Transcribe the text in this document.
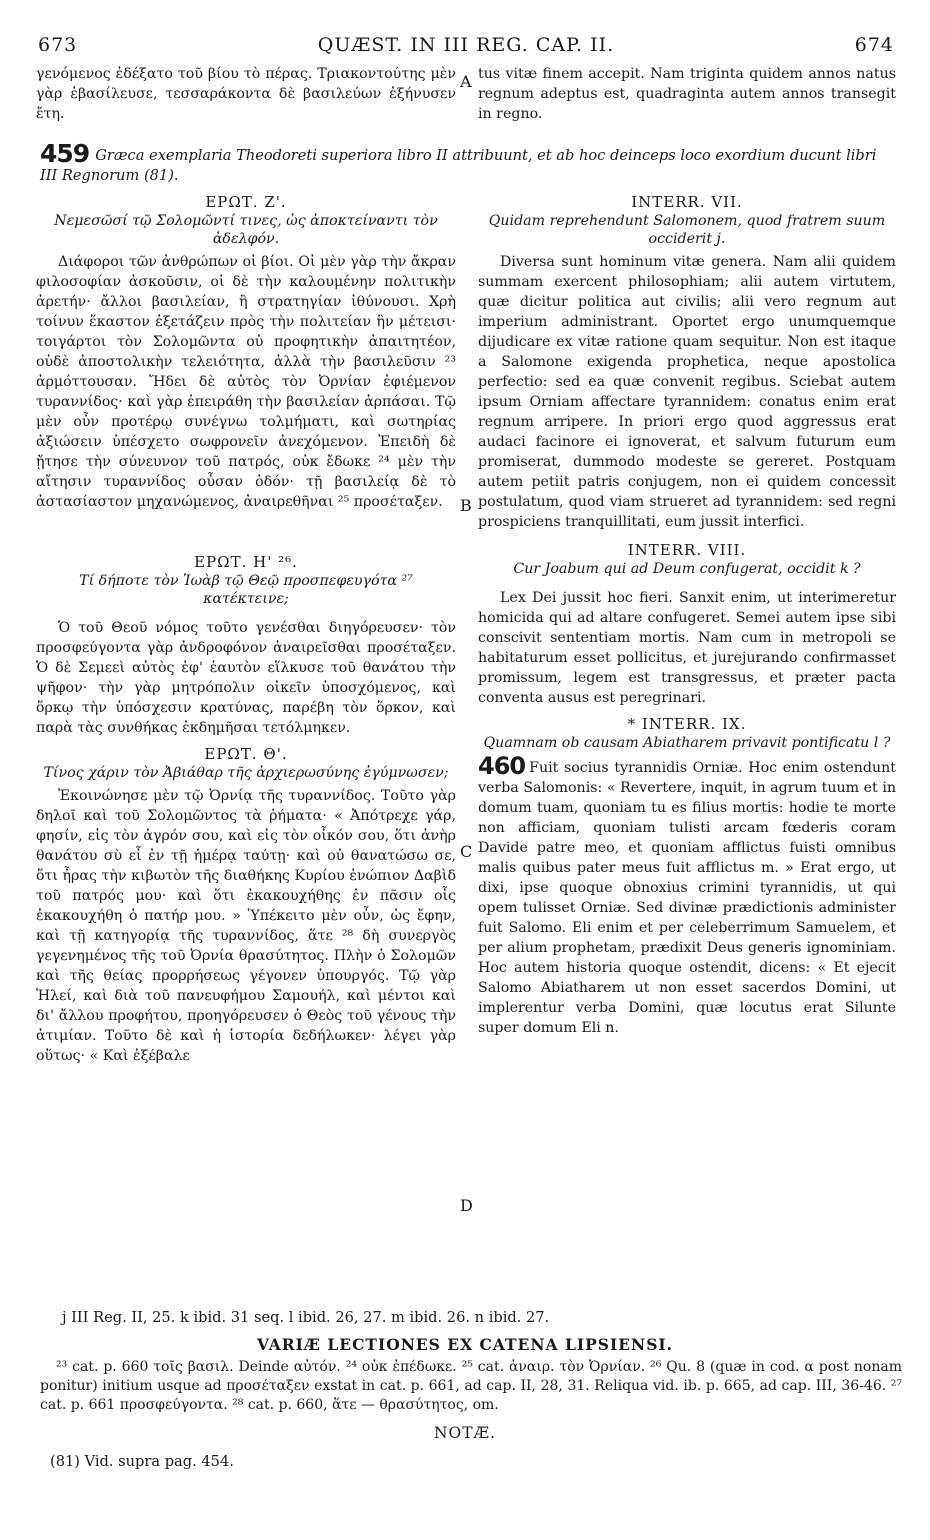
673	QUÆST. IN III REG. CAP. II.	674

γενόμενος ἐδέξατο τοῦ βίου τὸ πέρας. Τριακοντούτης μὲν γὰρ ἐβασίλευσε, τεσσαράκοντα δὲ βασιλεύων ἐξήνυσεν ἔτη.

A tus vitæ finem accepit. Nam triginta quidem annos natus regnum adeptus est, quadraginta autem annos transegit in regno.

459 Græca exemplaria Theodoreti superiora libro II attribuunt, et ab hoc deinceps loco exordium ducunt libri III Regnorum (81).
ΕΡΩΤ. Ζ'.
Νεμεσῶσί τῷ Σολομῶντί τινες, ὡς ἀποκτείναντι τὸν ἀδελφόν.

Διάφοροι τῶν ἀνθρώπων οἱ βίοι. Οἱ μὲν γὰρ τὴν ἄκραν φιλοσοφίαν ἀσκοῦσιν, οἱ δὲ τὴν καλουμένην πολιτικὴν ἀρετήν· ἄλλοι βασιλείαν, ἢ στρατηγίαν ἰθύνουσι. Χρὴ τοίνυν ἕκαστον ἐξετάζειν πρὸς τὴν πολιτείαν ἣν μέτεισι· τοιγάρτοι τὸν Σολομῶντα οὐ προφητικὴν ἀπαιτητέον, οὐδὲ ἀποστολικὴν τελειότητα, ἀλλὰ τὴν βασιλεῦσιν ²³ ἁρμόττουσαν. Ἤδει δὲ αὐτὸς τὸν Ὀρνίαν ἐφιέμενον τυραννίδος· καὶ γὰρ ἐπειράθη τὴν βασιλείαν ἁρπάσαι. Τῷ μὲν οὖν προτέρῳ συνέγνω τολμήματι, καὶ σωτηρίας ἀξιώσειν ὑπέσχετο σωφρονεῖν ἀνεχόμενον. Ἐπειδὴ δὲ ᾔτησε τὴν σύνευνον τοῦ πατρός, οὐκ ἔδωκε ²⁴ μὲν τὴν αἴτησιν τυραννίδος οὖσαν ὁδόν· τῇ βασιλείᾳ δὲ τὸ ἀστασίαστον μηχανώμενος, ἀναιρεθῆναι ²⁵ προσέταξεν.

ΕΡΩΤ. Η' ²⁶.
Τί δήποτε τὸν Ἰωὰβ τῷ Θεῷ προσπεφευγότα ²⁷ κατέκτεινε;

Ὁ τοῦ Θεοῦ νόμος τοῦτο γενέσθαι διηγόρευσεν· τὸν προσφεύγοντα γὰρ ἀνδροφόνον ἀναιρεῖσθαι προσέταξεν. Ὁ δὲ Σεμεεὶ αὐτὸς ἐφ' ἑαυτὸν εἵλκυσε τοῦ θανάτου τὴν ψῆφον· τὴν γὰρ μητρόπολιν οἰκεῖν ὑποσχόμενος, καὶ ὅρκῳ τὴν ὑπόσχεσιν κρατύνας, παρέβη τὸν ὅρκον, καὶ παρὰ τὰς συνθήκας ἐκδημῆσαι τετόλμηκεν.

ΕΡΩΤ. Θ'.
Τίνος χάριν τὸν Ἀβιάθαρ τῆς ἀρχιερωσύνης ἐγύμνωσεν;

Ἐκοινώνησε μὲν τῷ Ὀρνίᾳ τῆς τυραννίδος. Τοῦτο γὰρ δηλοῖ καὶ τοῦ Σολομῶντος τὰ ῥήματα· « Ἀπότρεχε γάρ, φησίν, εἰς τὸν ἀγρόν σου, καὶ εἰς τὸν οἶκόν σου, ὅτι ἀνὴρ θανάτου σὺ εἶ ἐν τῇ ἡμέρᾳ ταύτῃ· καὶ οὐ θανατώσω σε, ὅτι ἦρας τὴν κιβωτὸν τῆς διαθήκης Κυρίου ἐνώπιον Δαβὶδ τοῦ πατρός μου· καὶ ὅτι ἐκακουχήθης ἐν πᾶσιν οἷς ἐκακουχήθη ὁ πατήρ μου. » Ὑπέκειτο μὲν οὖν, ὡς ἔφην, καὶ τῇ κατηγορίᾳ τῆς τυραννίδος, ἅτε ²⁸ δὴ συνεργὸς γεγενημένος τῆς τοῦ Ὀρνία θρασύτητος. Πλὴν ὁ Σολομῶν καὶ τῆς θείας προρρήσεως γέγονεν ὑπουργός. Τῷ γὰρ Ἡλεί, καὶ διὰ τοῦ πανευφήμου Σαμουήλ, καὶ μέντοι καὶ δι' ἄλλου προφήτου, προηγόρευσεν ὁ Θεὸς τοῦ γένους τὴν ἀτιμίαν. Τοῦτο δὲ καὶ ἡ ἱστορία δεδήλωκεν· λέγει γὰρ οὕτως· « Καὶ ἐξέβαλε

B
C
D
INTERR. VII.
Quidam reprehendunt Salomonem, quod fratrem suum occiderit j.

Diversa sunt hominum vitæ genera. Nam alii quidem summam exercent philosophiam; alii autem virtutem, quæ dicitur politica aut civilis; alii vero regnum aut imperium administrant. Oportet ergo unumquemque dijudicare ex vitæ ratione quam sequitur. Non est itaque a Salomone exigenda prophetica, neque apostolica perfectio: sed ea quæ convenit regibus. Sciebat autem ipsum Orniam affectare tyrannidem: conatus enim erat regnum arripere. In priori ergo quod aggressus erat audaci facinore ei ignoverat, et salvum futurum eum promiserat, dummodo modeste se gereret. Postquam autem petiit patris conjugem, non ei quidem concessit postulatum, quod viam strueret ad tyrannidem: sed regni prospiciens tranquillitati, eum jussit interfici.

INTERR. VIII.
Cur Joabum qui ad Deum confugerat, occidit k ?

Lex Dei jussit hoc fieri. Sanxit enim, ut interimeretur homicida qui ad altare confugeret. Semei autem ipse sibi conscivit sententiam mortis. Nam cum in metropoli se habitaturum esset pollicitus, et jurejurando confirmasset promissum, legem est transgressus, et præter pacta conventa ausus est peregrinari.

* INTERR. IX.
Quamnam ob causam Abiatharem privavit pontificatu l ?

460 Fuit socius tyrannidis Orniæ. Hoc enim ostendunt verba Salomonis: « Revertere, inquit, in agrum tuum et in domum tuam, quoniam tu es filius mortis: hodie te morte non afficiam, quoniam tulisti arcam fœderis coram Davide patre meo, et quoniam afflictus fuisti omnibus malis quibus pater meus fuit afflictus m. » Erat ergo, ut dixi, ipse quoque obnoxius crimini tyrannidis, ut qui opem tulisset Orniæ. Sed divinæ prædictionis administer fuit Salomo. Eli enim et per celeberrimum Samuelem, et per alium prophetam, prædixit Deus generis ignominiam. Hoc autem historia quoque ostendit, dicens: « Et ejecit Salomo Abiatharem ut non esset sacerdos Domini, ut implerentur verba Domini, quæ locutus erat Silunte super domum Eli n.

j III Reg. II, 25. k ibid. 31 seq. l ibid. 26, 27. m ibid. 26. n ibid. 27.
VARIÆ LECTIONES EX CATENA LIPSIENSI.
²³ cat. p. 660 τοῖς βασιλ. Deinde αὐτόν. ²⁴ οὐκ ἐπέδωκε. ²⁵ cat. ἀναιρ. τὸν Ὀρνίαν. ²⁶ Qu. 8 (quæ in cod. α post nonam ponitur) initium usque ad προσέταξεν exstat in cat. p. 661, ad cap. II, 28, 31. Reliqua vid. ib. p. 665, ad cap. III, 36-46. ²⁷ cat. p. 661 προσφεύγοντα. ²⁸ cat. p. 660, ἅτε — θρασύτητος, om.
NOTÆ.
(81) Vid. supra pag. 454.
